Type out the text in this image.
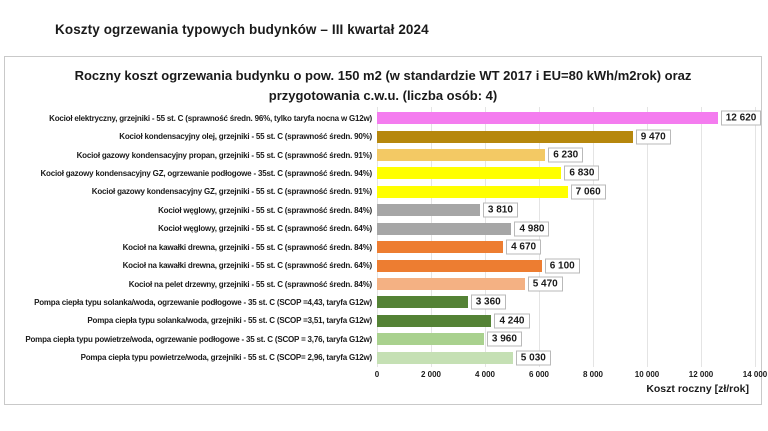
Koszty ogrzewania typowych budynków – III kwartał 2024
Roczny koszt ogrzewania budynku o pow. 150 m2 (w standardzie WT 2017 i EU=80 kWh/m2rok) oraz
przygotowania c.w.u. (liczba osób: 4)
Kocioł elektryczny, grzejniki - 55 st. C (sprawność średn. 96%, tylko taryfa nocna w G12w)	12 620
Kocioł kondensacyjny olej, grzejniki - 55 st. C (sprawność średn. 90%)	9 470
Kocioł gazowy kondensacyjny propan, grzejniki - 55 st. C (sprawność średn. 91%)	6 230
Kocioł gazowy kondensacyjny GZ, ogrzewanie podłogowe - 35st. C (sprawność średn. 94%)	6 830
Kocioł gazowy kondensacyjny GZ, grzejniki - 55 st. C (sprawność średn. 91%)	7 060
Kocioł węglowy, grzejniki - 55 st. C (sprawność średn. 84%)	3 810
Kocioł węglowy, grzejniki - 55 st. C (sprawność średn. 64%)	4 980
Kocioł na kawałki drewna, grzejniki - 55 st. C (sprawność średn. 84%)	4 670
Kocioł na kawałki drewna, grzejniki - 55 st. C (sprawność średn. 64%)	6 100
Kocioł na pelet drzewny, grzejniki - 55 st. C (sprawność średn. 84%)	5 470
Pompa ciepła typu solanka/woda, ogrzewanie podłogowe - 35 st. C (SCOP =4,43, taryfa G12w)	3 360
Pompa ciepła typu solanka/woda, grzejniki - 55 st. C (SCOP =3,51, taryfa G12w)	4 240
Pompa ciepła typu powietrze/woda, ogrzewanie podłogowe - 35 st. C (SCOP = 3,76, taryfa G12w)	3 960
Pompa ciepła typu powietrze/woda, grzejniki - 55 st. C (SCOP= 2,96, taryfa G12w)	5 030
0	2 000	4 000	6 000	8 000	10 000	12 000	14 000
Koszt roczny [zł/rok]
